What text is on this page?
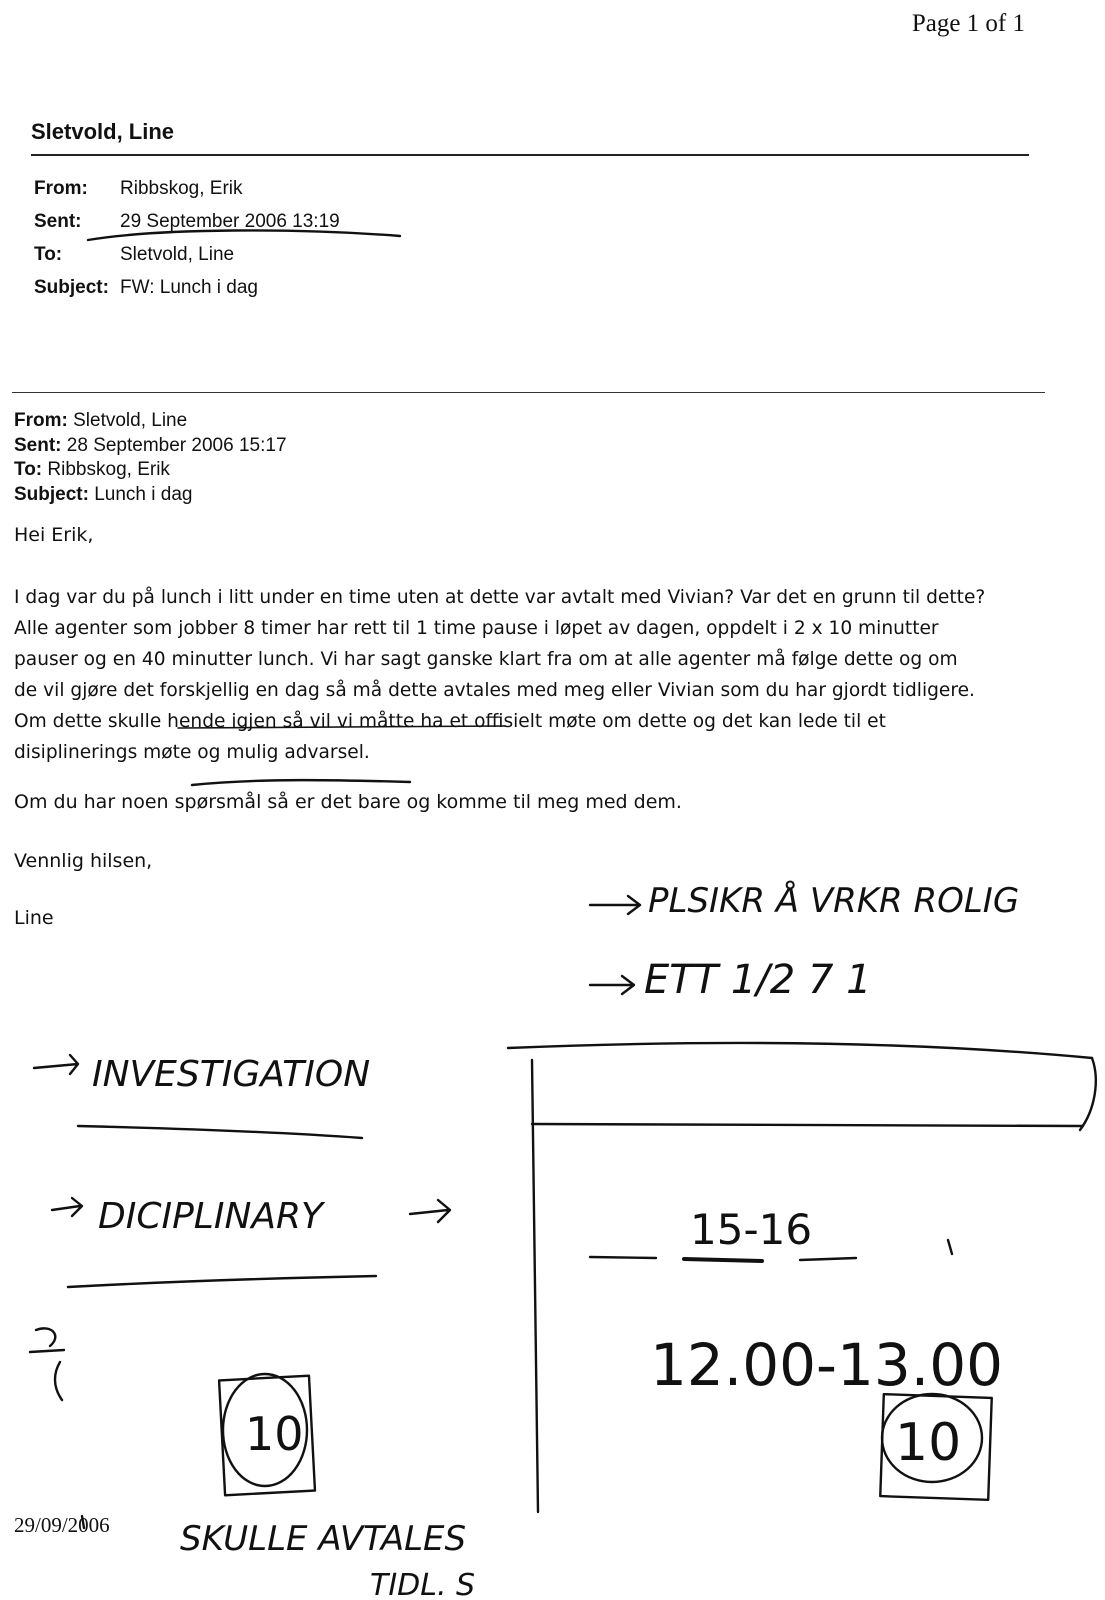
Page 1 of 1
Sletvold, Line
From:	Ribbskog, Erik
Sent:	29 September 2006 13:19
To:	Sletvold, Line
Subject: FW: Lunch i dag
From: Sletvold, Line
Sent: 28 September 2006 15:17
To: Ribbskog, Erik
Subject: Lunch i dag
Hei Erik,
I dag var du på lunch i litt under en time uten at dette var avtalt med Vivian? Var det en grunn til dette?
Alle agenter som jobber 8 timer har rett til 1 time pause i løpet av dagen, oppdelt i 2 x 10 minutter
pauser og en 40 minutter lunch. Vi har sagt ganske klart fra om at alle agenter må følge dette og om
de vil gjøre det forskjellig en dag så må dette avtales med meg eller Vivian som du har gjordt tidligere.
Om dette skulle hende igjen så vil vi måtte ha et offisielt møte om dette og det kan lede til et
disiplinerings møte og mulig advarsel.
Om du har noen spørsmål så er det bare og komme til meg med dem.
Vennlig hilsen,
Line
29/09/2006
PLSIKR Å VRKR ROLIG
ETT 1/2 7 1
INVESTIGATION
DICIPLINARY
10
15-16
12.00-13.00
10
SKULLE AVTALES
TIDL. S
